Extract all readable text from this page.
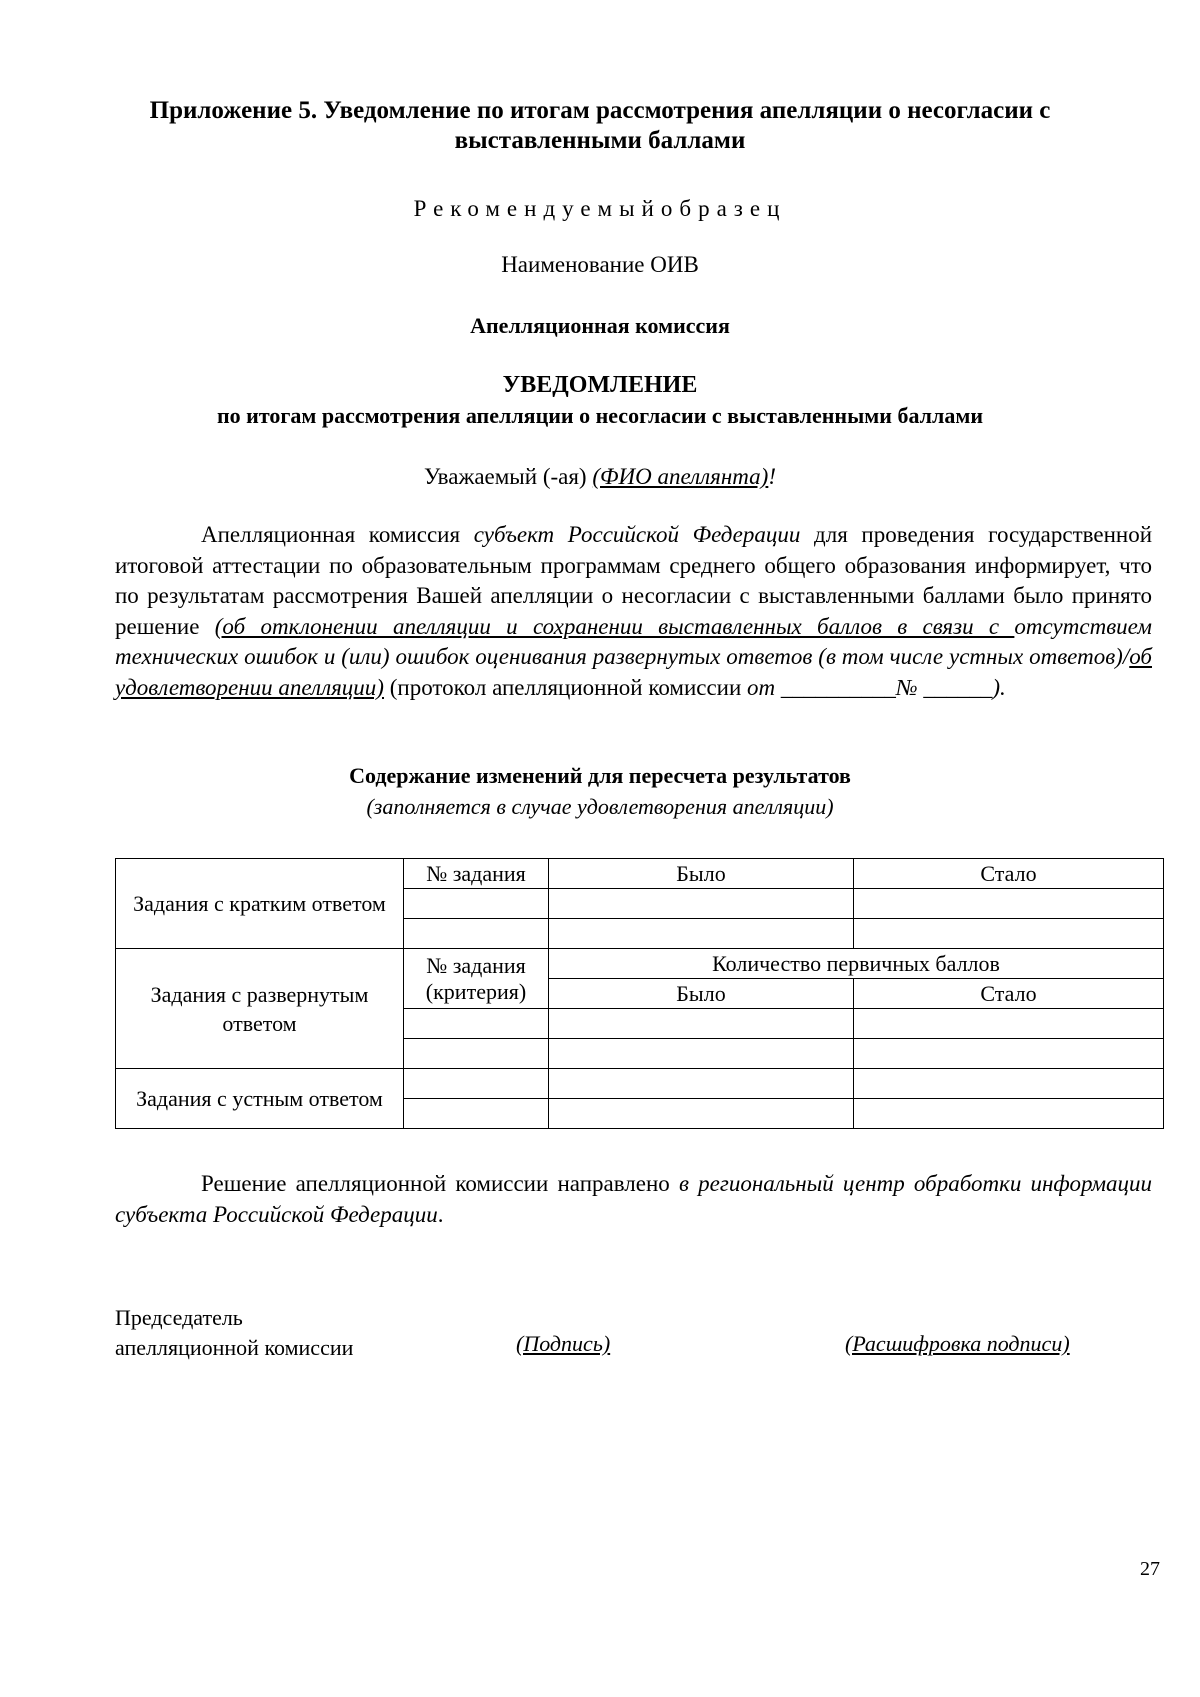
Приложение 5. Уведомление по итогам рассмотрения апелляции о несогласии с выставленными баллами
Рекомендуемыйобразец
Наименование ОИВ
Апелляционная комиссия
УВЕДОМЛЕНИЕ
по итогам рассмотрения апелляции о несогласии с выставленными баллами
Уважаемый (-ая) (ФИО апеллянта)!
Апелляционная комиссия субъект Российской Федерации для проведения государственной итоговой аттестации по образовательным программам среднего общего образования информирует, что по результатам рассмотрения Вашей апелляции о несогласии с выставленными баллами было принято решение (об отклонении апелляции и сохранении выставленных баллов в связи с отсутствием технических ошибок и (или) ошибок оценивания развернутых ответов (в том числе устных ответов)/об удовлетворении апелляции) (протокол апелляционной комиссии от __________№ ______).
Содержание изменений для пересчета результатов
(заполняется в случае удовлетворения апелляции)
Задания с кратким ответом	№ задания	Было	Стало

Задания с развернутым ответом	№ задания (критерия)	Количество первичных баллов	
		Было	Стало

Задания с устным ответом			

Решение апелляционной комиссии направлено в региональный центр обработки информации субъекта Российской Федерации.
Председатель
апелляционной комиссии	(Подпись)	(Расшифровка подписи)
27
